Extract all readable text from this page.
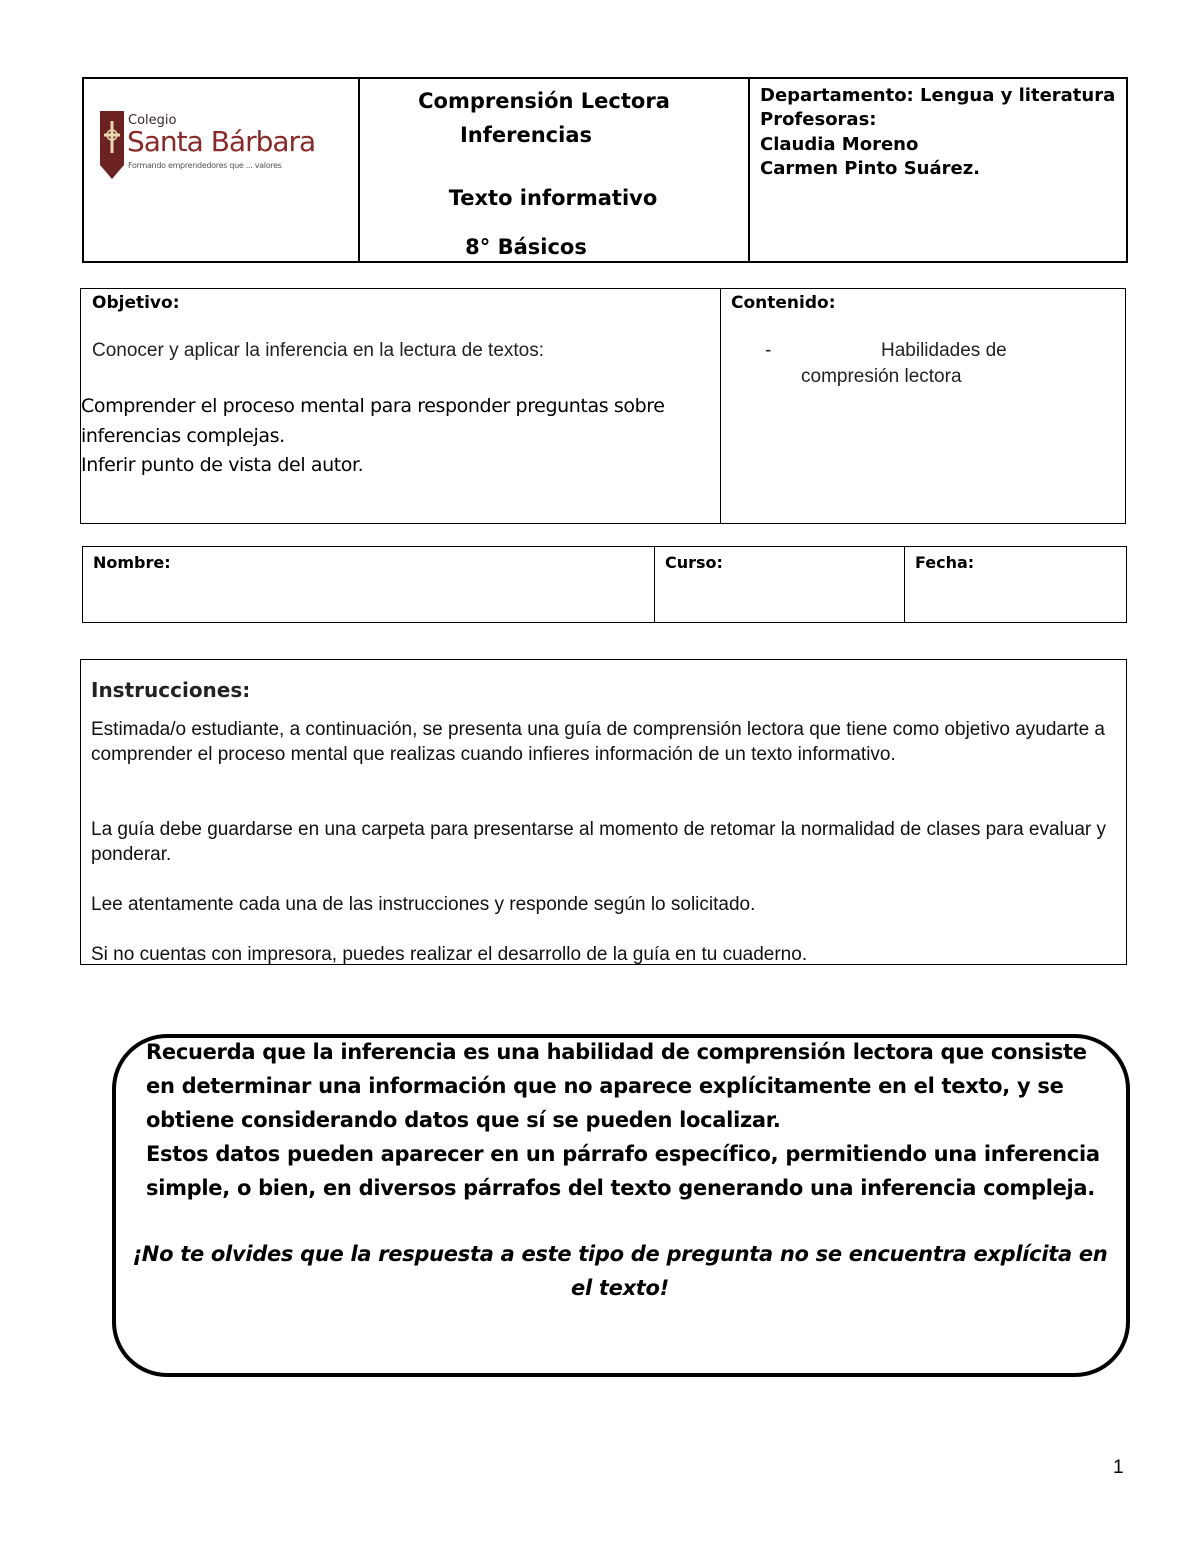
Colegio
Santa Bárbara
Formando emprendedores que ... valores
Comprensión Lectora
Inferencias
Texto informativo
8° Básicos
Departamento: Lengua y literatura
Profesoras:
Claudia Moreno
Carmen Pinto Suárez.
Objetivo:
Conocer y aplicar la inferencia en la lectura de textos:
Comprender el proceso mental para responder preguntas sobre
inferencias complejas.
Inferir punto de vista del autor.
Contenido:
-	Habilidades de
compresión lectora
Nombre:	Curso:	Fecha:
Instrucciones:
Estimada/o estudiante, a continuación, se presenta una guía de comprensión lectora que tiene como objetivo ayudarte a comprender el proceso mental que realizas cuando infieres información de un texto informativo.
La guía debe guardarse en una carpeta para presentarse al momento de retomar la normalidad de clases para evaluar y ponderar.
Lee atentamente cada una de las instrucciones y responde según lo solicitado.
Si no cuentas con impresora, puedes realizar el desarrollo de la guía en tu cuaderno.
Recuerda que la inferencia es una habilidad de comprensión lectora que consiste
en determinar una información que no aparece explícitamente en el texto, y se
obtiene considerando datos que sí se pueden localizar.
Estos datos pueden aparecer en un párrafo específico, permitiendo una inferencia
simple, o bien, en diversos párrafos del texto generando una inferencia compleja.
¡No te olvides que la respuesta a este tipo de pregunta no se encuentra explícita en
el texto!
1
